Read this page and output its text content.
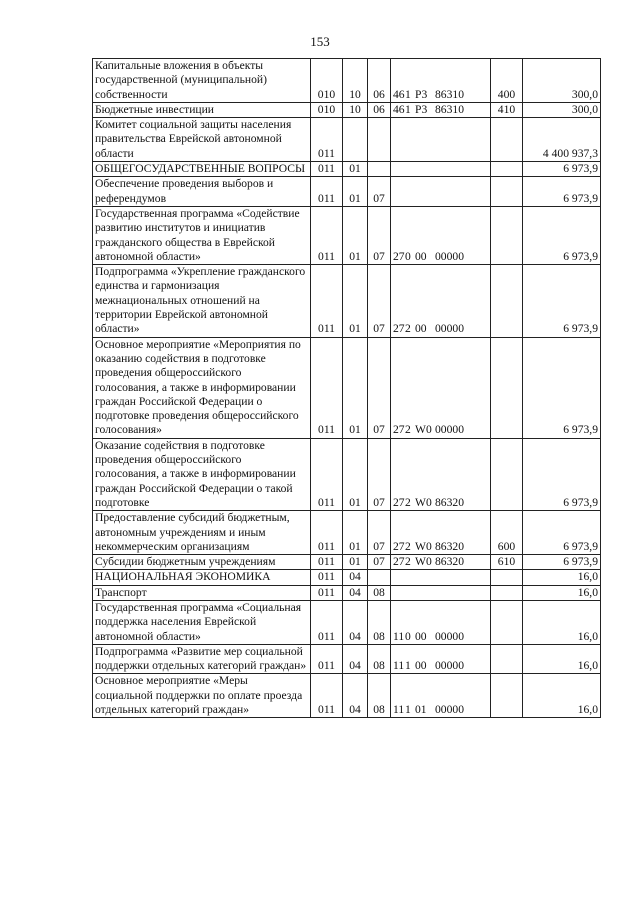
153
Капитальные вложения в объекты государственной (муниципальной) собственности	010	10	06	461 Р3 86310	400	300,0
Бюджетные инвестиции	010	10	06	461 Р3 86310	410	300,0
Комитет социальной защиты населения правительства Еврейской автономной области	011					4 400 937,3
ОБЩЕГОСУДАРСТВЕННЫЕ ВОПРОСЫ	011	01				6 973,9
Обеспечение проведения выборов и референдумов	011	01	07			6 973,9
Государственная программа «Содействие развитию институтов и инициатив гражданского общества в Еврейской автономной области»	011	01	07	270 00 00000		6 973,9
Подпрограмма «Укрепление гражданского единства и гармонизация межнациональных отношений на территории Еврейской автономной области»	011	01	07	272 00 00000		6 973,9
Основное мероприятие «Мероприятия по оказанию содействия в подготовке проведения общероссийского голосования, а также в информировании граждан Российской Федерации о подготовке проведения общероссийского голосования»	011	01	07	272 W0 00000		6 973,9
Оказание содействия в подготовке проведения общероссийского голосования, а также в информировании граждан Российской Федерации о такой подготовке	011	01	07	272 W0 86320		6 973,9
Предоставление субсидий бюджетным, автономным учреждениям и иным некоммерческим организациям	011	01	07	272 W0 86320	600	6 973,9
Субсидии бюджетным учреждениям	011	01	07	272 W0 86320	610	6 973,9
НАЦИОНАЛЬНАЯ ЭКОНОМИКА	011	04				16,0
Транспорт	011	04	08			16,0
Государственная программа «Социальная поддержка населения Еврейской автономной области»	011	04	08	110 00 00000		16,0
Подпрограмма «Развитие мер социальной поддержки отдельных категорий граждан»	011	04	08	111 00 00000		16,0
Основное мероприятие «Меры социальной поддержки по оплате проезда отдельных категорий граждан»	011	04	08	111 01 00000		16,0
